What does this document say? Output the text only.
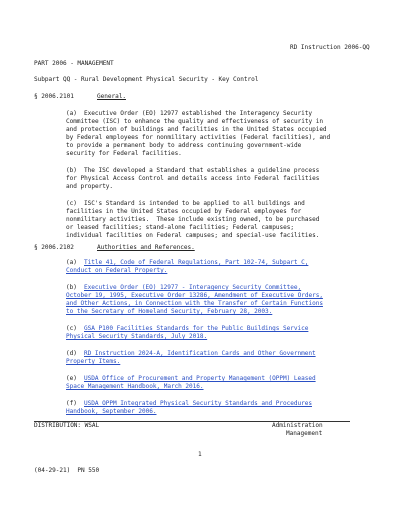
RD Instruction 2006-QQ
PART 2006 - MANAGEMENT
Subpart QQ - Rural Development Physical Security - Key Control
§ 2006.2101	General.
(a) Executive Order (EO) 12977 established the Interagency Security
Committee (ISC) to enhance the quality and effectiveness of security in
and protection of buildings and facilities in the United States occupied
by Federal employees for nonmilitary activities (Federal facilities), and
to provide a permanent body to address continuing government-wide
security for Federal facilities.
(b) The ISC developed a Standard that establishes a guideline process
for Physical Access Control and details access into Federal facilities
and property.
(c) ISC's Standard is intended to be applied to all buildings and
facilities in the United States occupied by Federal employees for
nonmilitary activities.  These include existing owned, to be purchased
or leased facilities; stand-alone facilities; Federal campuses;
individual facilities on Federal campuses; and special-use facilities.
§ 2006.2102	Authorities and References.
(a) Title 41, Code of Federal Regulations, Part 102-74, Subpart C,
Conduct on Federal Property.
(b) Executive Order (EO) 12977 - Interagency Security Committee,
October 19, 1995, Executive Order 13286, Amendment of Executive Orders,
and Other Actions, in Connection with the Transfer of Certain Functions
to the Secretary of Homeland Security, February 28, 2003.
(c) GSA P100 Facilities Standards for the Public Buildings Service
Physical Security Standards, July 2018.
(d) RD Instruction 2024-A, Identification Cards and Other Government
Property Items.
(e) USDA Office of Procurement and Property Management (OPPM) Leased
Space Management Handbook, March 2016.
(f) USDA OPPM Integrated Physical Security Standards and Procedures
Handbook, September 2006.
DISTRIBUTION: WSAL	Administration
Management
1
(04-29-21)  PN 550
